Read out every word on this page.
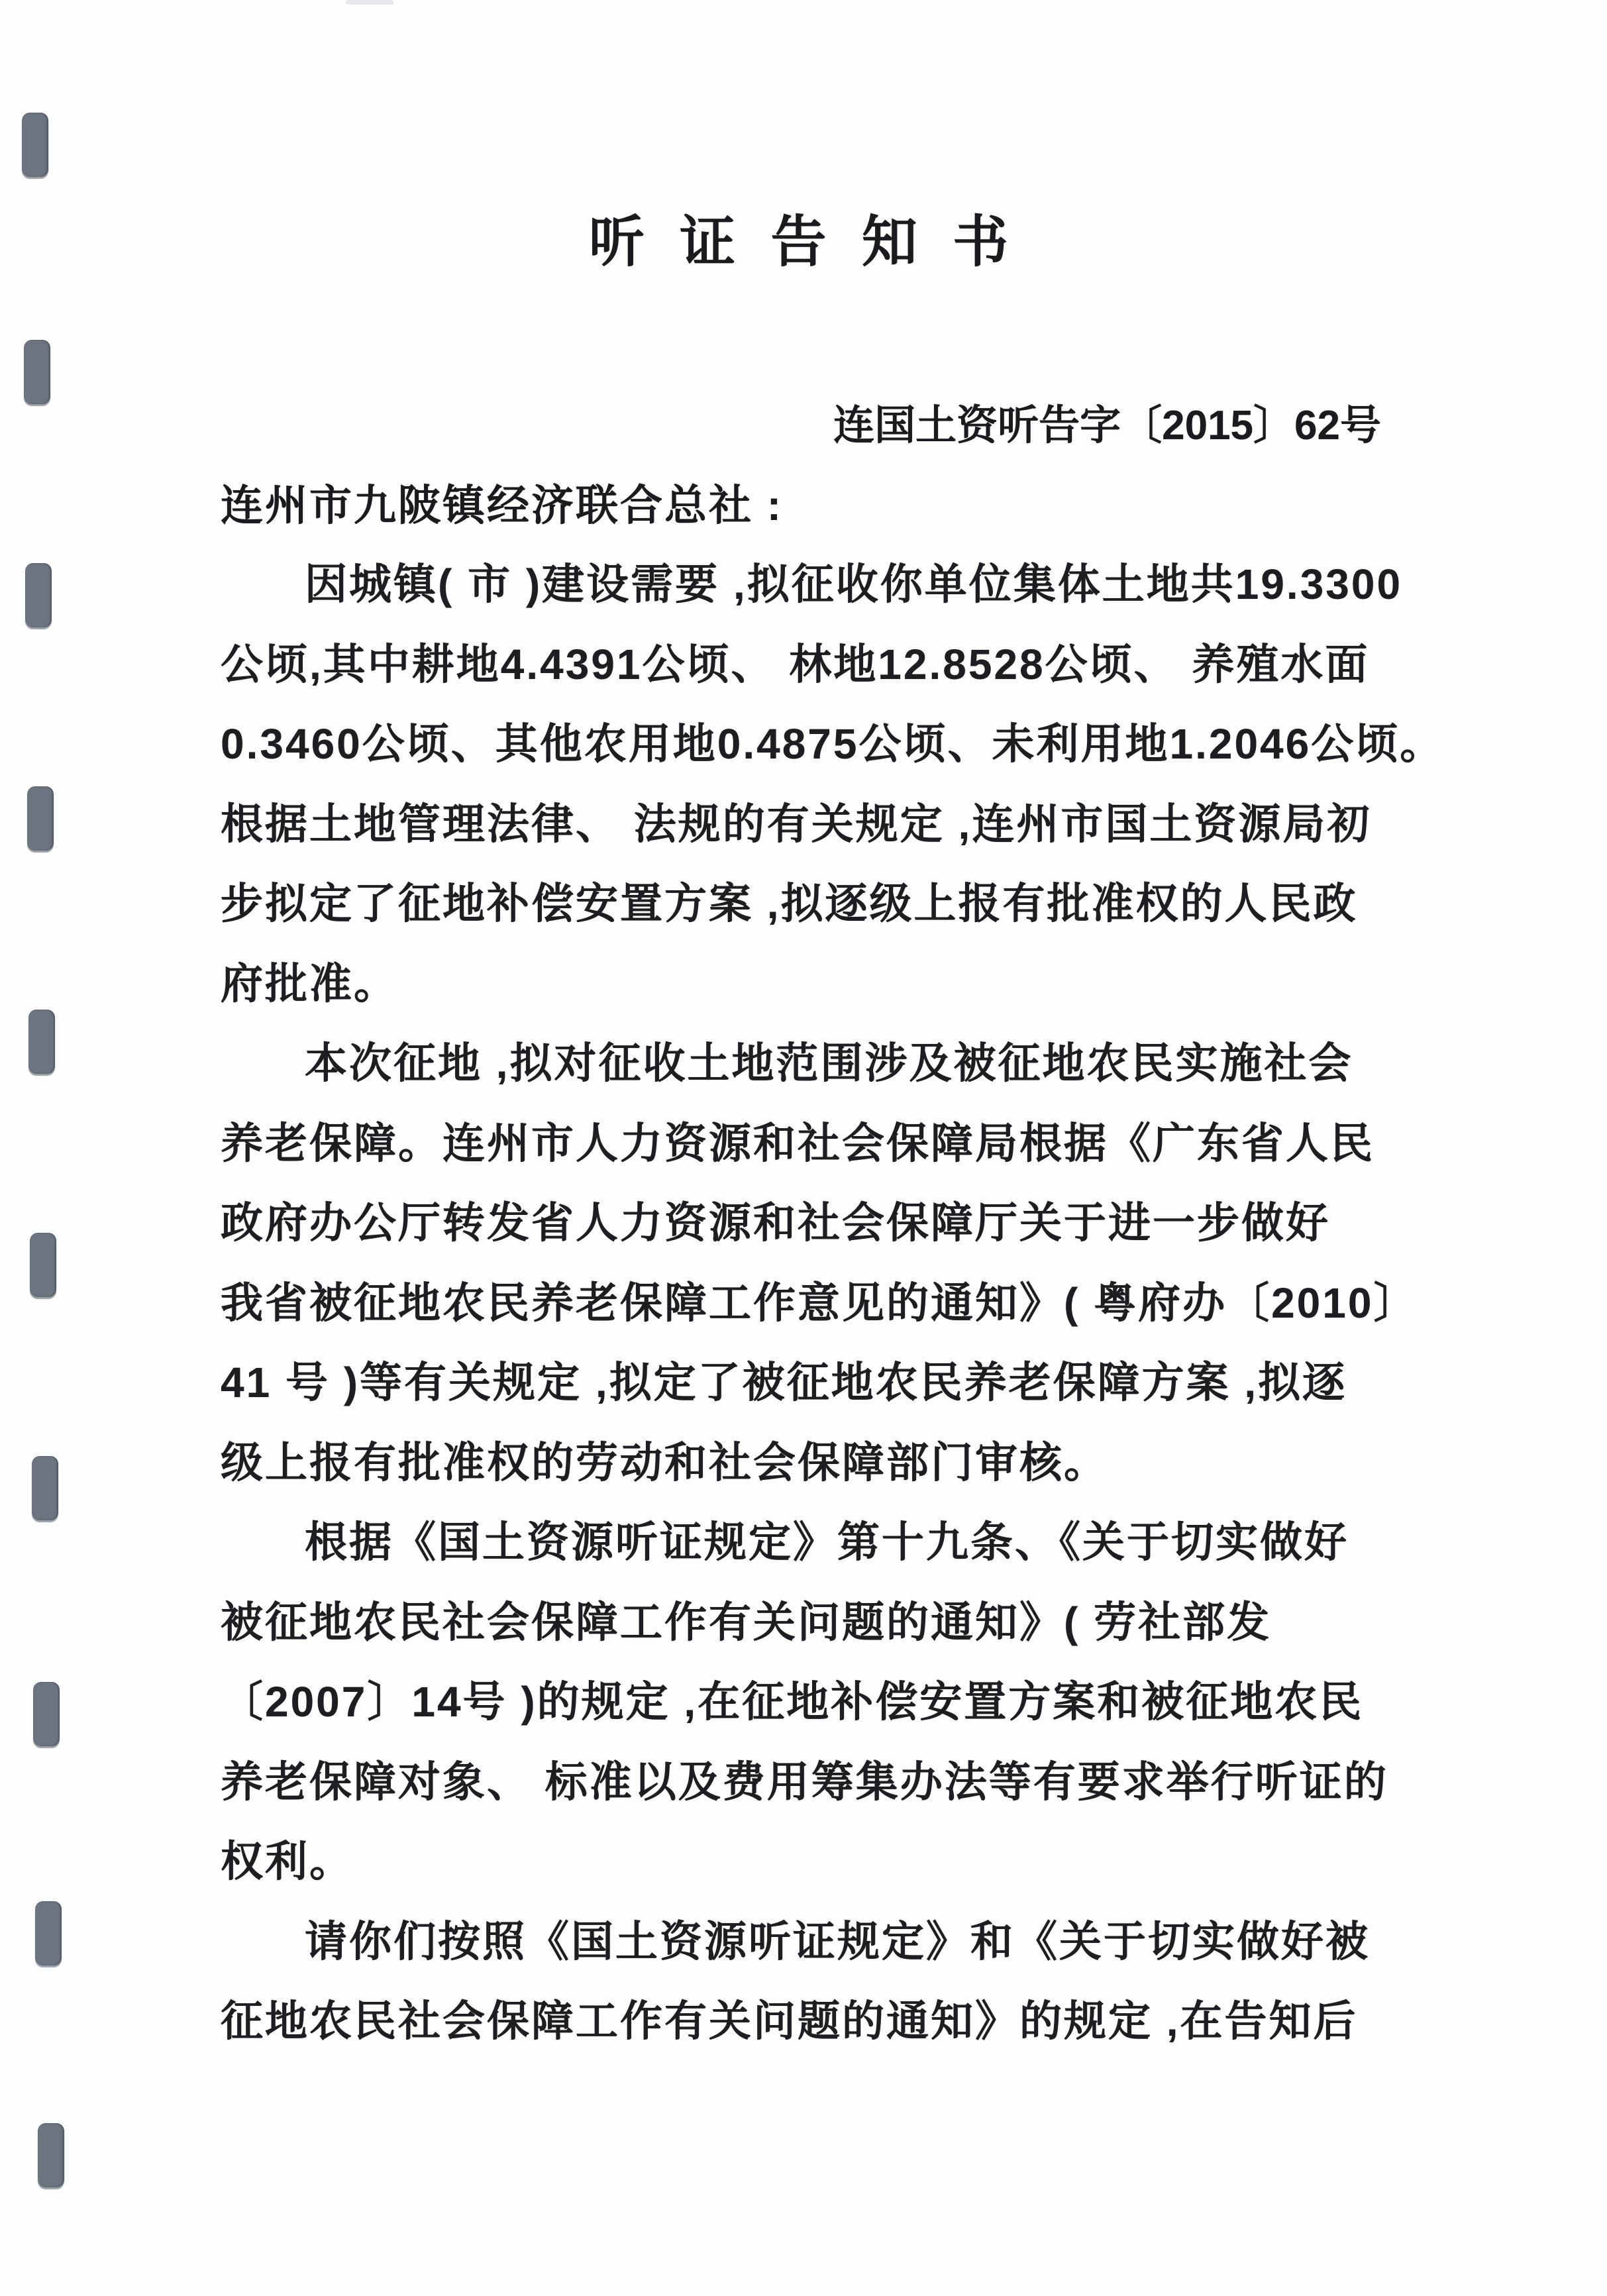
听 证 告 知 书
连国土资听告字〔2015〕62号
连州市九陂镇经济联合总社 :
因城镇( 市 )建设需要 ,拟征收你单位集体土地共19.3300
公顷,其中耕地4.4391公顷、 林地12.8528公顷、 养殖水面
0.3460公顷、其他农用地0.4875公顷、未利用地1.2046公顷。
根据土地管理法律、 法规的有关规定 ,连州市国土资源局初
步拟定了征地补偿安置方案 ,拟逐级上报有批准权的人民政
府批准。
本次征地 ,拟对征收土地范围涉及被征地农民实施社会
养老保障。连州市人力资源和社会保障局根据《广东省人民
政府办公厅转发省人力资源和社会保障厅关于进一步做好
我省被征地农民养老保障工作意见的通知》( 粤府办〔2010〕
41 号 )等有关规定 ,拟定了被征地农民养老保障方案 ,拟逐
级上报有批准权的劳动和社会保障部门审核。
根据《国土资源听证规定》第十九条、《关于切实做好
被征地农民社会保障工作有关问题的通知》( 劳社部发
〔2007〕14号 )的规定 ,在征地补偿安置方案和被征地农民
养老保障对象、 标准以及费用筹集办法等有要求举行听证的
权利。
请你们按照《国土资源听证规定》和《关于切实做好被
征地农民社会保障工作有关问题的通知》的规定 ,在告知后
